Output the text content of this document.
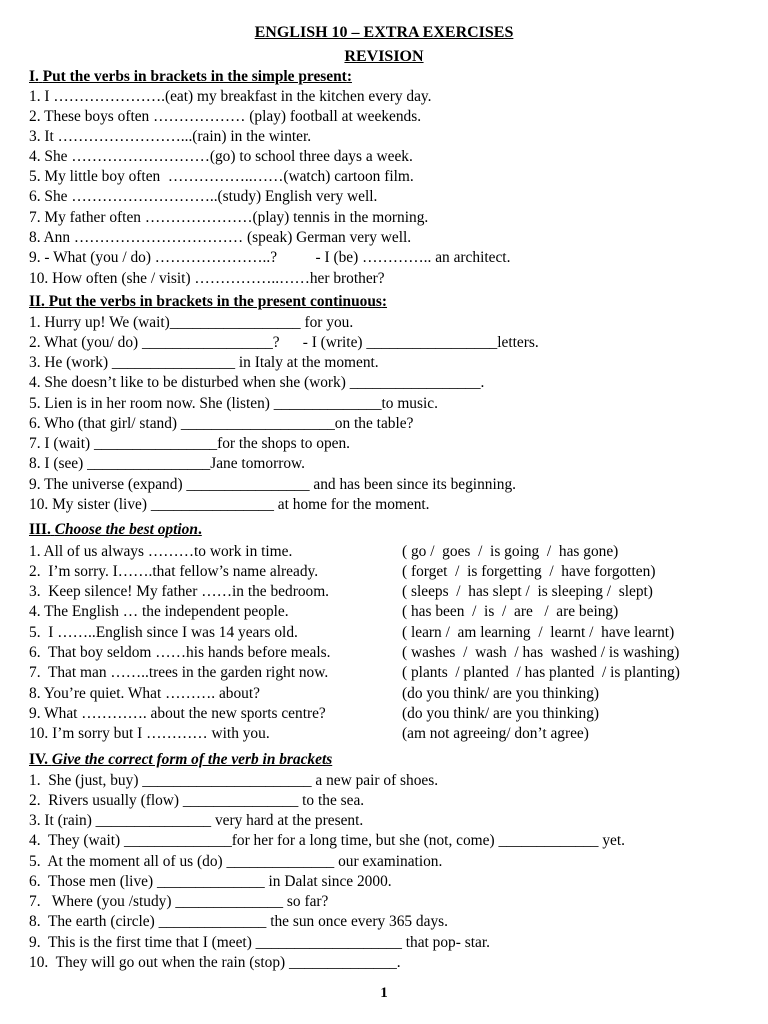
ENGLISH 10 – EXTRA EXERCISES
REVISION
I. Put the verbs in brackets in the simple present:
1. I ………………….(eat) my breakfast in the kitchen every day.
2. These boys often ……………… (play) football at weekends.
3. It ……………………...(rain) in the winter.
4. She ………………………(go) to school three days a week.
5. My little boy often  ……………..……(watch) cartoon film.
6. She ………………………..(study) English very well.
7. My father often …………………(play) tennis in the morning.
8. Ann …………………………… (speak) German very well.
9. - What (you / do) …………………..?          - I (be) ………….. an architect.
10. How often (she / visit) ……………..……her brother?
II. Put the verbs in brackets in the present continuous:
1. Hurry up! We (wait)_________________ for you.
2. What (you/ do) _________________?      - I (write) _________________letters.
3. He (work) ________________ in Italy at the moment.
4. She doesn’t like to be disturbed when she (work) _________________.
5. Lien is in her room now. She (listen) ______________to music.
6. Who (that girl/ stand) ____________________on the table?
7. I (wait) ________________for the shops to open.
8. I (see) ________________Jane tomorrow.
9. The universe (expand) ________________ and has been since its beginning.
10. My sister (live) ________________ at home for the moment.
III. Choose the best option.
1. All of us always ………to work in time.	( go /  goes  /  is going  /  has gone)
2.  I’m sorry. I…….that fellow’s name already.	( forget  /  is forgetting  /  have forgotten)
3.  Keep silence! My father ……in the bedroom.	( sleeps  /  has slept /  is sleeping /  slept)
4. The English … the independent people.	( has been  /  is  /  are   /  are being)
5.  I ……..English since I was 14 years old.	( learn /  am learning  /  learnt /  have learnt)
6.  That boy seldom ……his hands before meals.	( washes  /  wash  / has  washed / is washing)
7.  That man ……..trees in the garden right now.	( plants  / planted  / has planted  / is planting)
8. You’re quiet. What ………. about?	(do you think/ are you thinking)
9. What …………. about the new sports centre?	(do you think/ are you thinking)
10. I’m sorry but I ………… with you.	(am not agreeing/ don’t agree)
IV. Give the correct form of the verb in brackets
1.  She (just, buy) ______________________ a new pair of shoes.
2.  Rivers usually (flow) _______________ to the sea.
3. It (rain) _______________ very hard at the present.
4.  They (wait) ______________for her for a long time, but she (not, come) _____________ yet.
5.  At the moment all of us (do) ______________ our examination.
6.  Those men (live) ______________ in Dalat since 2000.
7.   Where (you /study) ______________ so far?
8.  The earth (circle) ______________ the sun once every 365 days.
9.  This is the first time that I (meet) ___________________ that pop- star.
10.  They will go out when the rain (stop) ______________.
1
